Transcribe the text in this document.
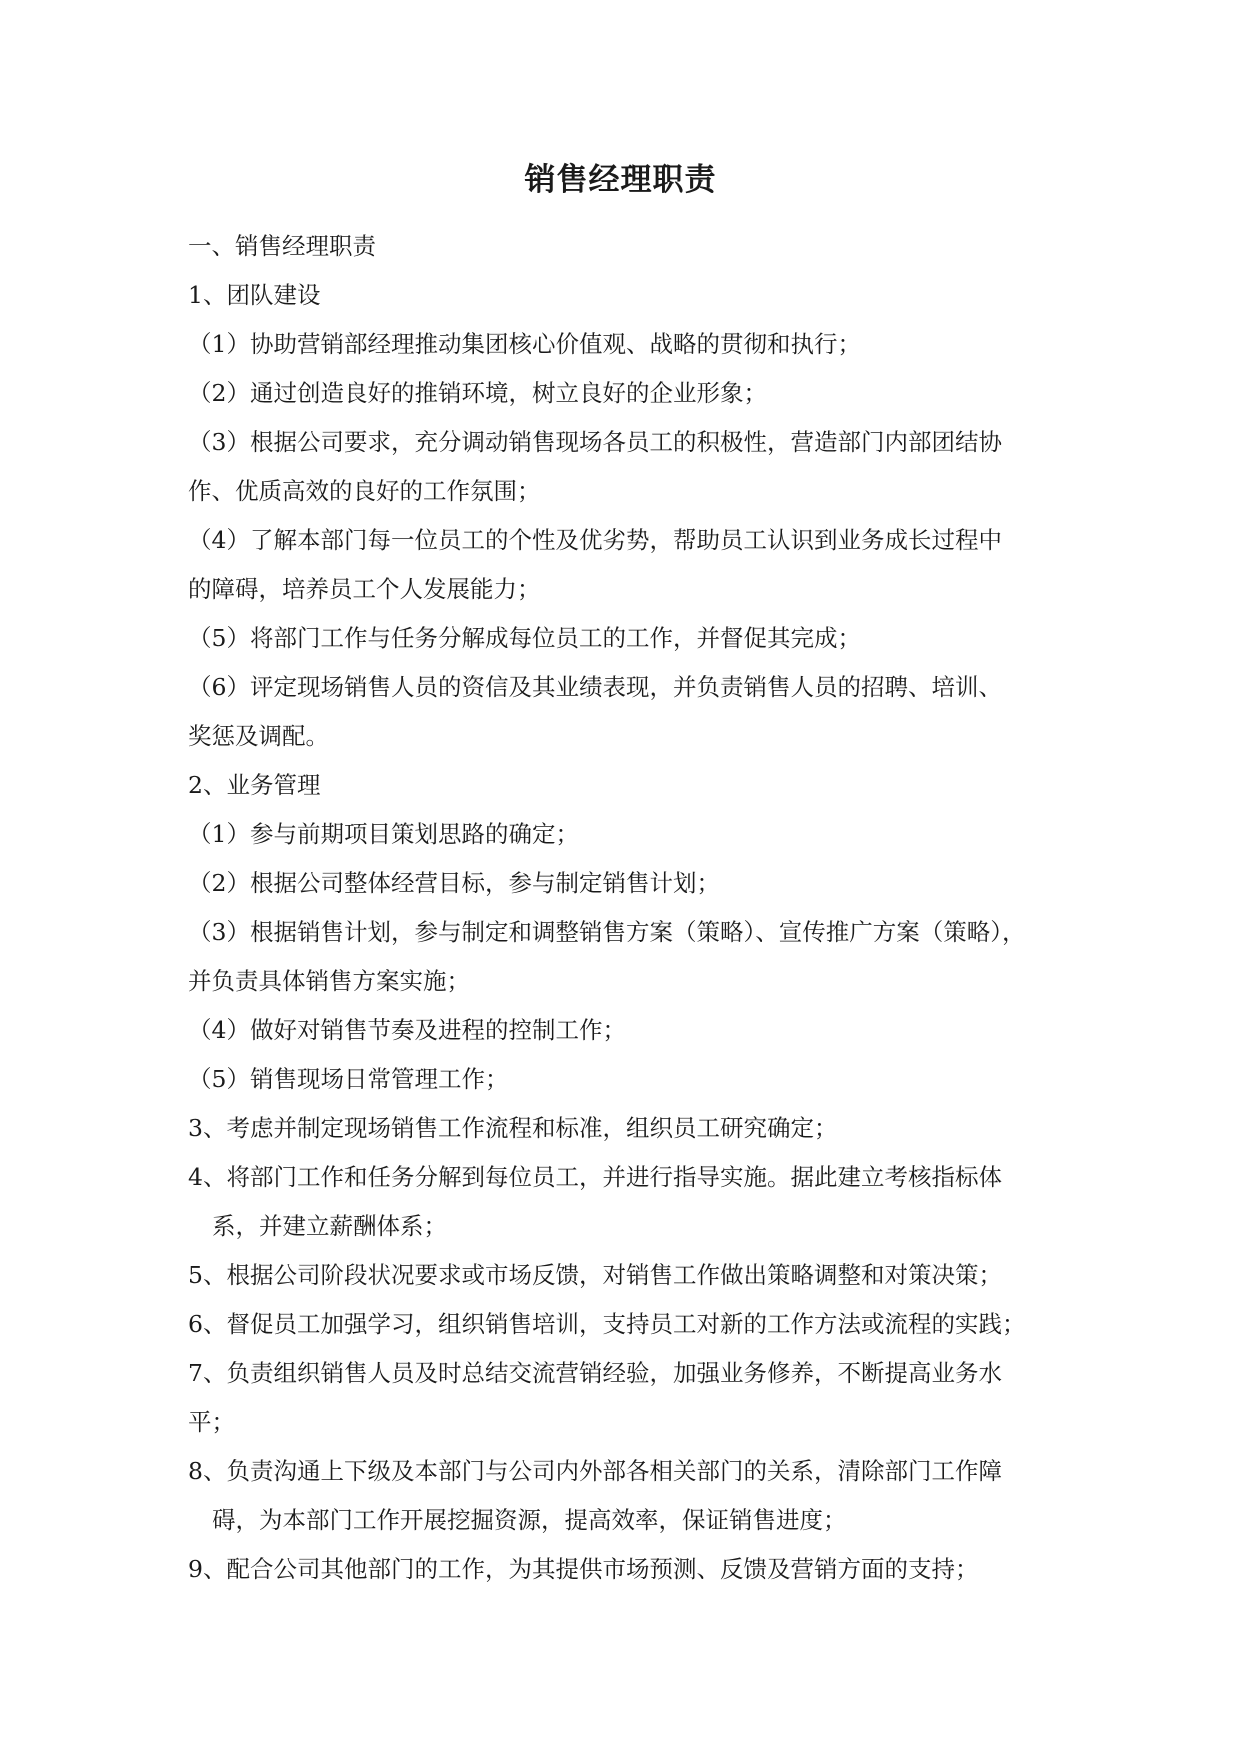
销售经理职责
一、销售经理职责
1、团队建设
（1）协助营销部经理推动集团核心价值观、战略的贯彻和执行；
（2）通过创造良好的推销环境，树立良好的企业形象；
（3）根据公司要求，充分调动销售现场各员工的积极性，营造部门内部团结协
作、优质高效的良好的工作氛围；
（4）了解本部门每一位员工的个性及优劣势，帮助员工认识到业务成长过程中
的障碍，培养员工个人发展能力；
（5）将部门工作与任务分解成每位员工的工作，并督促其完成；
（6）评定现场销售人员的资信及其业绩表现，并负责销售人员的招聘、培训、
奖惩及调配。
2、业务管理
（1）参与前期项目策划思路的确定；
（2）根据公司整体经营目标，参与制定销售计划；
（3）根据销售计划，参与制定和调整销售方案（策略）、宣传推广方案（策略），
并负责具体销售方案实施；
（4）做好对销售节奏及进程的控制工作；
（5）销售现场日常管理工作；
3、考虑并制定现场销售工作流程和标准，组织员工研究确定；
4、将部门工作和任务分解到每位员工，并进行指导实施。据此建立考核指标体
系，并建立薪酬体系；
5、根据公司阶段状况要求或市场反馈，对销售工作做出策略调整和对策决策；
6、督促员工加强学习，组织销售培训，支持员工对新的工作方法或流程的实践；
7、负责组织销售人员及时总结交流营销经验，加强业务修养，不断提高业务水
平；
8、负责沟通上下级及本部门与公司内外部各相关部门的关系，清除部门工作障
碍，为本部门工作开展挖掘资源，提高效率，保证销售进度；
9、配合公司其他部门的工作，为其提供市场预测、反馈及营销方面的支持；
